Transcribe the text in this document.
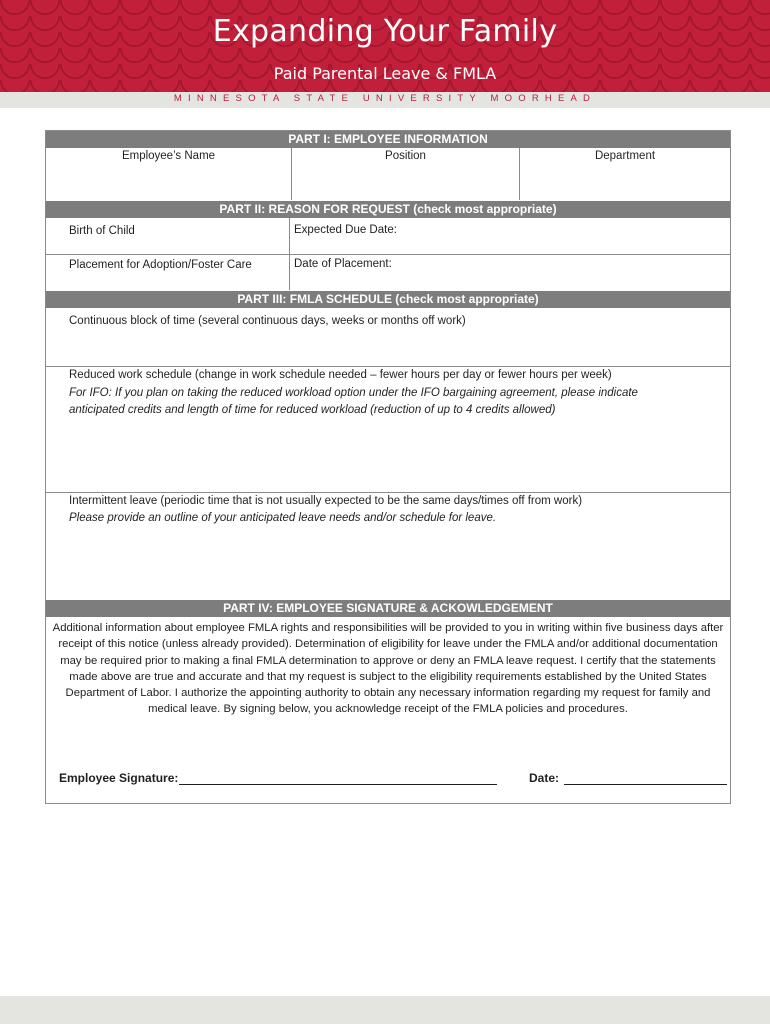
Expanding Your Family
Paid Parental Leave & FMLA
MINNESOTA STATE UNIVERSITY MOORHEAD
PART I: EMPLOYEE INFORMATION
Employee’s Name	Position	Department
PART II: REASON FOR REQUEST (check most appropriate)
Birth of Child	Expected Due Date:
Placement for Adoption/Foster Care	Date of Placement:
PART III: FMLA SCHEDULE (check most appropriate)
Continuous block of time (several continuous days, weeks or months off work)
Reduced work schedule (change in work schedule needed – fewer hours per day or fewer hours per week)
For IFO: If you plan on taking the reduced workload option under the IFO bargaining agreement, please indicate
anticipated credits and length of time for reduced workload (reduction of up to 4 credits allowed)
Intermittent leave (periodic time that is not usually expected to be the same days/times off from work)
Please provide an outline of your anticipated leave needs and/or schedule for leave.
PART IV: EMPLOYEE SIGNATURE & ACKOWLEDGEMENT
Additional information about employee FMLA rights and responsibilities will be provided to you in writing within five business days after receipt of this notice (unless already provided). Determination of eligibility for leave under the FMLA and/or additional documentation may be required prior to making a final FMLA determination to approve or deny an FMLA leave request. I certify that the statements made above are true and accurate and that my request is subject to the eligibility requirements established by the United States Department of Labor. I authorize the appointing authority to obtain any necessary information regarding my request for family and medical leave. By signing below, you acknowledge receipt of the FMLA policies and procedures.
Employee Signature:	Date:
